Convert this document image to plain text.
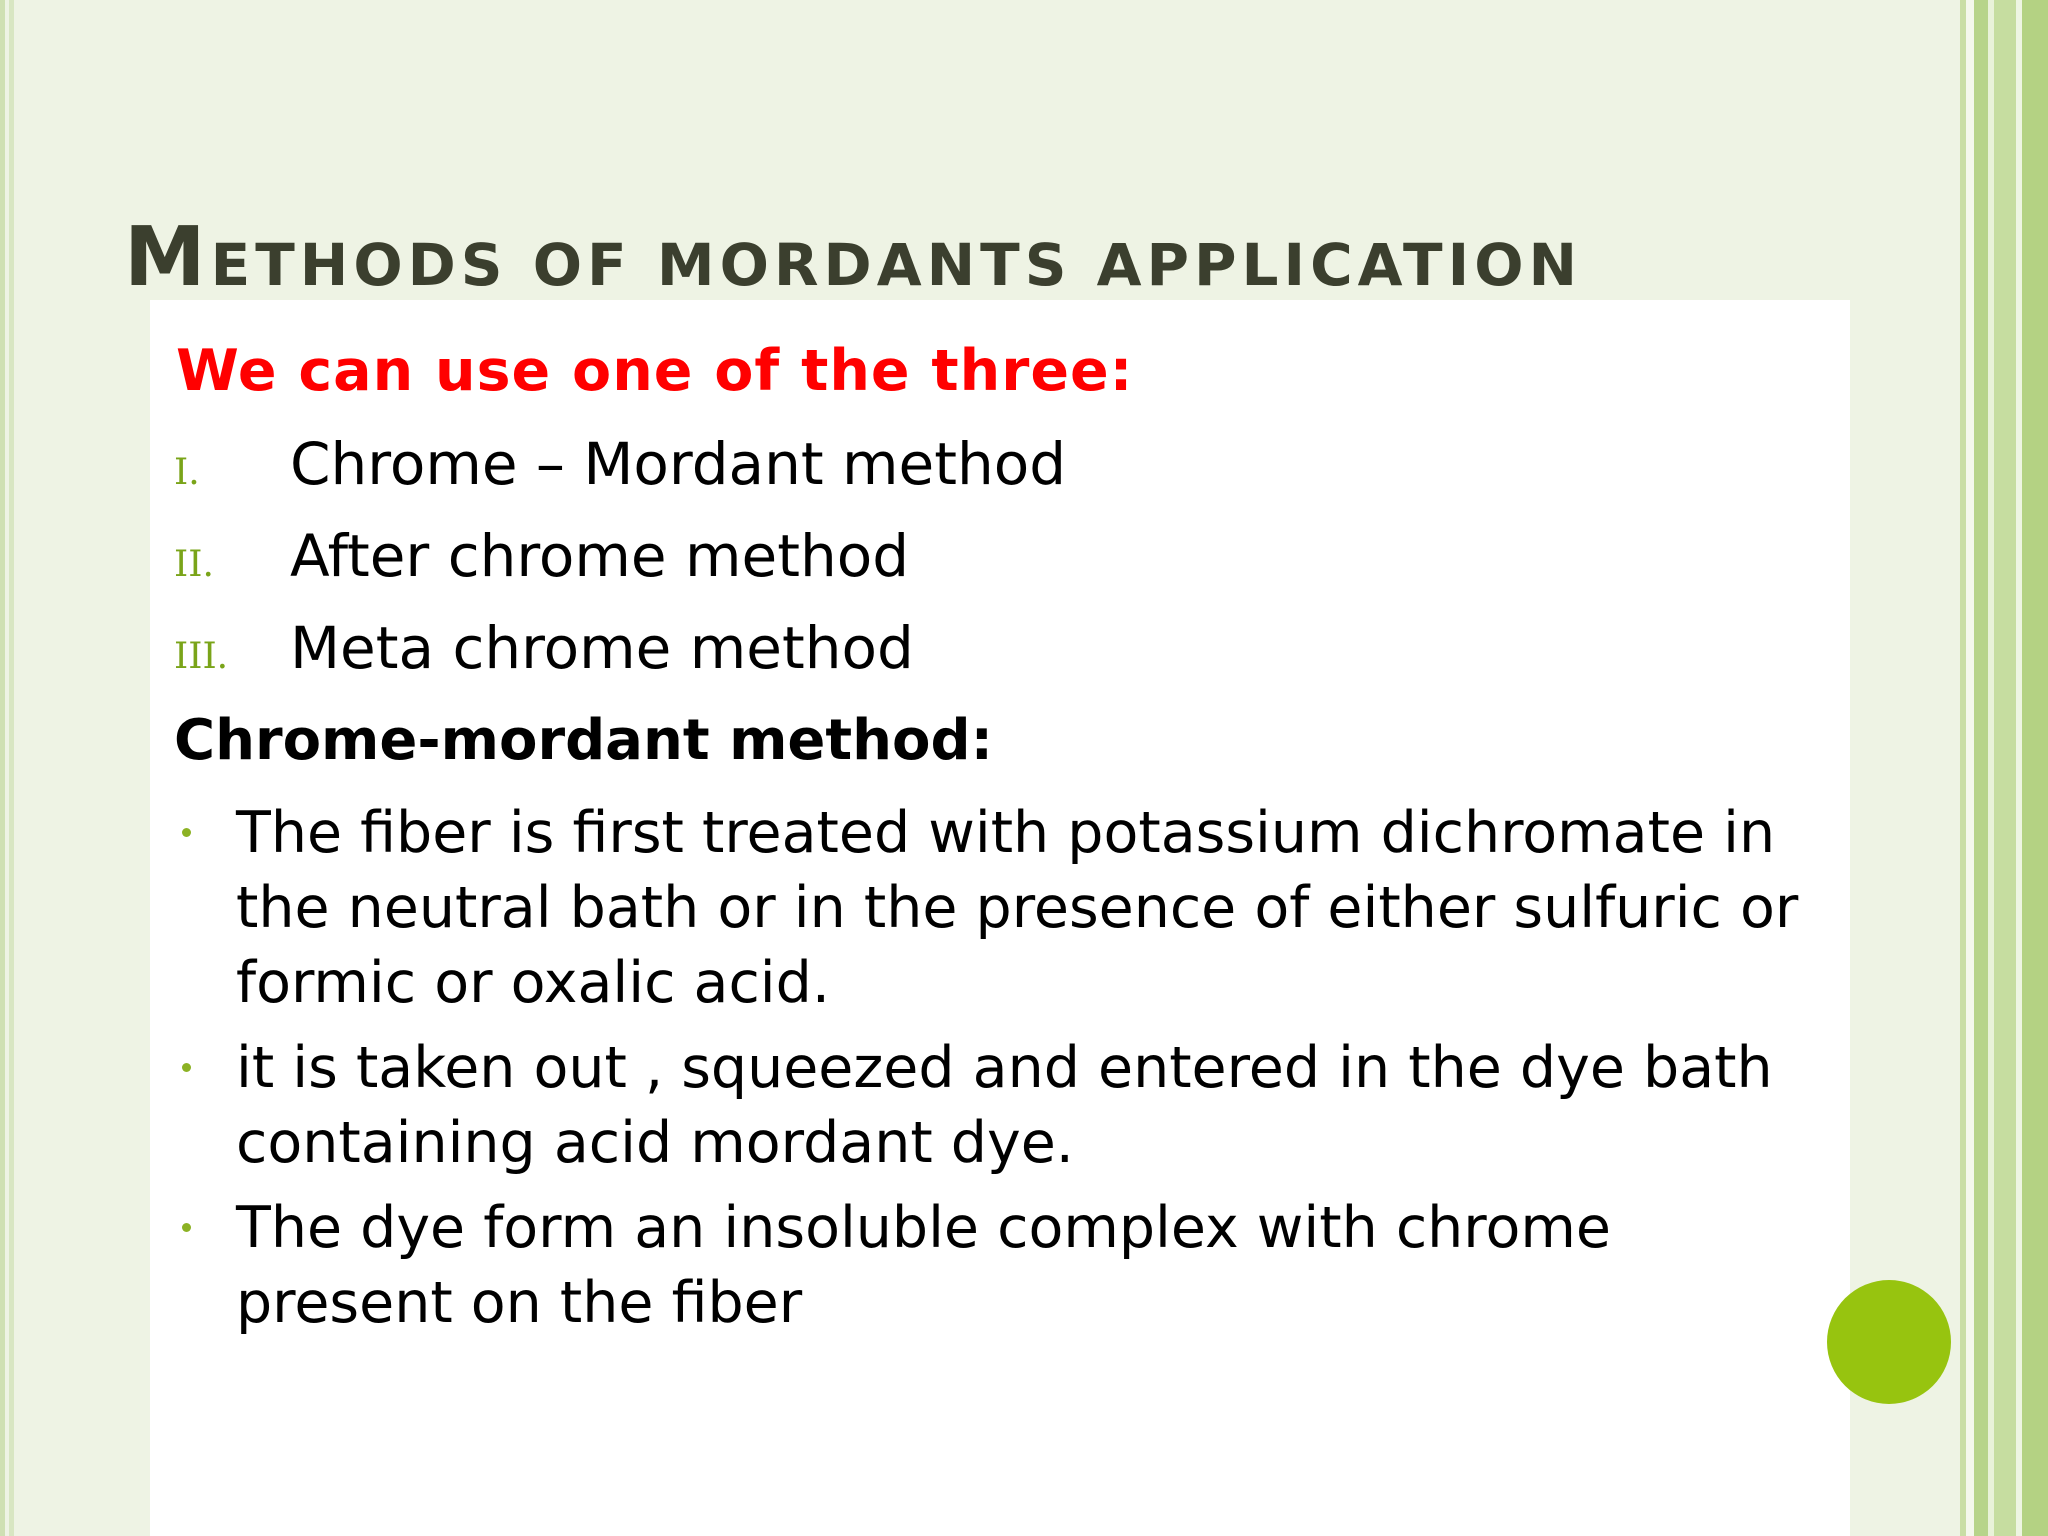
METHODS OF MORDANTS APPLICATION
We can use one of the three:
I. Chrome – Mordant method
II. After chrome method
III. Meta chrome method
Chrome-mordant method:
The fiber is first treated with potassium dichromate in the neutral bath or in the presence of either sulfuric or formic or oxalic acid.
it is taken out , squeezed and entered in the dye bath containing acid mordant dye.
The dye form an insoluble complex with chrome present on the fiber
